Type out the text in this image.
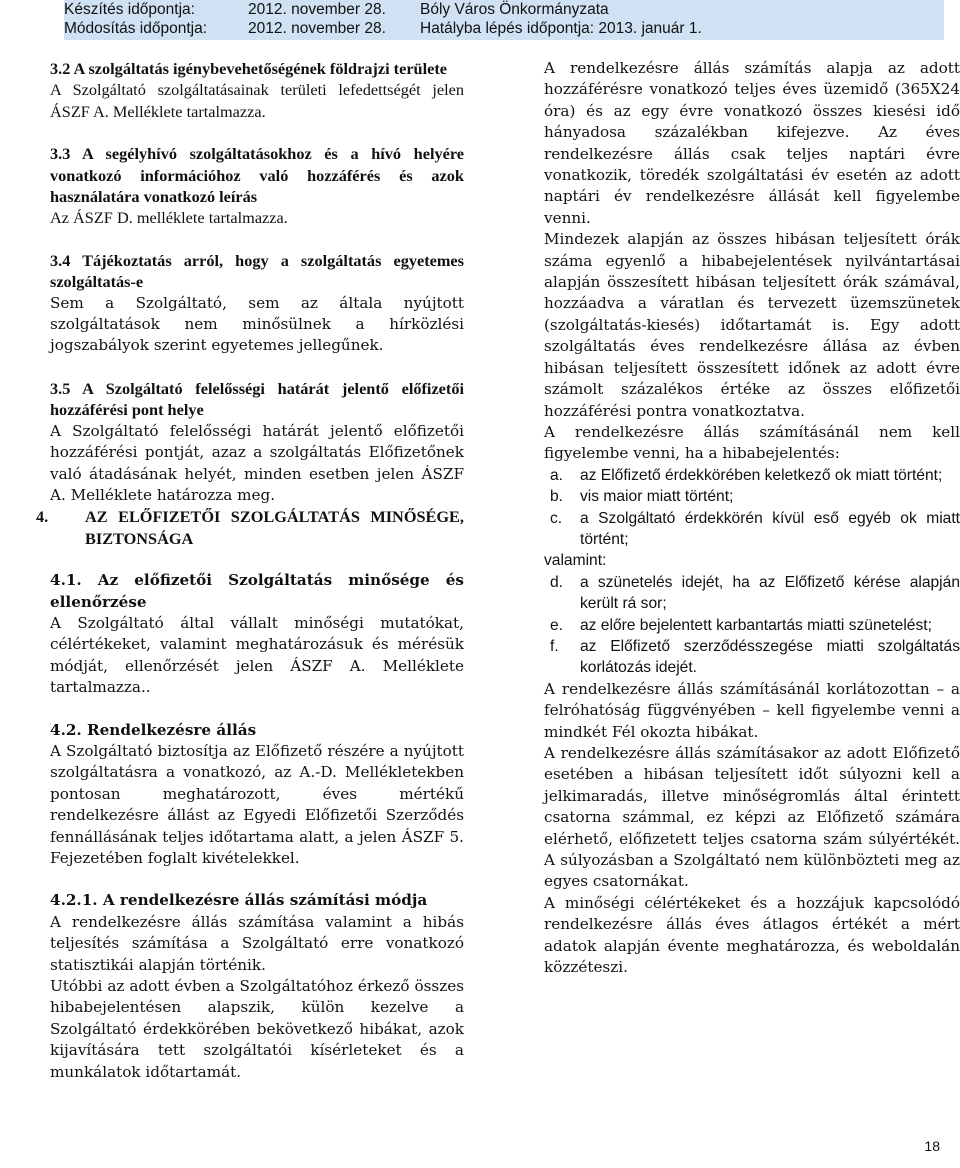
Készítés időpontja:	2012. november 28.	Bóly Város Önkormányzata
Módosítás időpontja:	2012. november 28.	Hatályba lépés időpontja: 2013. január 1.

3.2 A szolgáltatás igénybevehetőségének földrajzi területe

A Szolgáltató szolgáltatásainak területi lefedettségét jelen ÁSZF A. Melléklete tartalmazza.

3.3 A segélyhívó szolgáltatásokhoz és a hívó helyére vonatkozó információhoz való hozzáférés és azok használatára vonatkozó leírás

Az ÁSZF D. melléklete tartalmazza.

3.4 Tájékoztatás arról, hogy a szolgáltatás egyetemes szolgáltatás-e

Sem a Szolgáltató, sem az általa nyújtott szolgáltatások nem minősülnek a hírközlési jogszabályok szerint egyetemes jellegűnek.

3.5 A Szolgáltató felelősségi határát jelentő előfizetői hozzáférési pont helye

A Szolgáltató felelősségi határát jelentő előfizetői hozzáférési pontját, azaz a szolgáltatás Előfizetőnek való átadásának helyét, minden esetben jelen ÁSZF A. Melléklete határozza meg.

4. AZ ELŐFIZETŐI SZOLGÁLTATÁS MINŐSÉGE, BIZTONSÁGA

4.1. Az előfizetői Szolgáltatás minősége és ellenőrzése

A Szolgáltató által vállalt minőségi mutatókat, célértékeket, valamint meghatározásuk és mérésük módját, ellenőrzését jelen ÁSZF A. Melléklete tartalmazza..

4.2. Rendelkezésre állás

A Szolgáltató biztosítja az Előfizető részére a nyújtott szolgáltatásra a vonatkozó, az A.-D. Mellékletekben pontosan meghatározott, éves mértékű rendelkezésre állást az Egyedi Előfizetői Szerződés fennállásának teljes időtartama alatt, a jelen ÁSZF 5. Fejezetében foglalt kivételekkel.

4.2.1. A rendelkezésre állás számítási módja

A rendelkezésre állás számítása valamint a hibás teljesítés számítása a Szolgáltató erre vonatkozó statisztikái alapján történik.

Utóbbi az adott évben a Szolgáltatóhoz érkező összes hibabejelentésen alapszik, külön kezelve a Szolgáltató érdekkörében bekövetkező hibákat, azok kijavítására tett szolgáltatói kísérleteket és a munkálatok időtartamát.

A rendelkezésre állás számítás alapja az adott hozzáférésre vonatkozó teljes éves üzemidő (365X24 óra) és az egy évre vonatkozó összes kiesési idő hányadosa százalékban kifejezve. Az éves rendelkezésre állás csak teljes naptári évre vonatkozik, töredék szolgáltatási év esetén az adott naptári év rendelkezésre állását kell figyelembe venni.

Mindezek alapján az összes hibásan teljesített órák száma egyenlő a hibabejelentések nyilvántartásai alapján összesített hibásan teljesített órák számával, hozzáadva a váratlan és tervezett üzemszünetek (szolgáltatás-kiesés) időtartamát is. Egy adott szolgáltatás éves rendelkezésre állása az évben hibásan teljesített összesített időnek az adott évre számolt százalékos értéke az összes előfizetői hozzáférési pontra vonatkoztatva.

A rendelkezésre állás számításánál nem kell figyelembe venni, ha a hibabejelentés:

a. az Előfizető érdekkörében keletkező ok miatt történt;
b. vis maior miatt történt;
c. a Szolgáltató érdekkörén kívül eső egyéb ok miatt történt;

valamint:

d. a szünetelés idejét, ha az Előfizető kérése alapján került rá sor;
e. az előre bejelentett karbantartás miatti szünetelést;
f. az Előfizető szerződésszegése miatti szolgáltatás korlátozás idejét.

A rendelkezésre állás számításánál korlátozottan – a felróhatóság függvényében – kell figyelembe venni a mindkét Fél okozta hibákat.

A rendelkezésre állás számításakor az adott Előfizető esetében a hibásan teljesített időt súlyozni kell a jelkimaradás, illetve minőségromlás által érintett csatorna számmal, ez képzi az Előfizető számára elérhető, előfizetett teljes csatorna szám súlyértékét. A súlyozásban a Szolgáltató nem különbözteti meg az egyes csatornákat.

A minőségi célértékeket és a hozzájuk kapcsolódó rendelkezésre állás éves átlagos értékét a mért adatok alapján évente meghatározza, és weboldalán közzéteszi.

18
